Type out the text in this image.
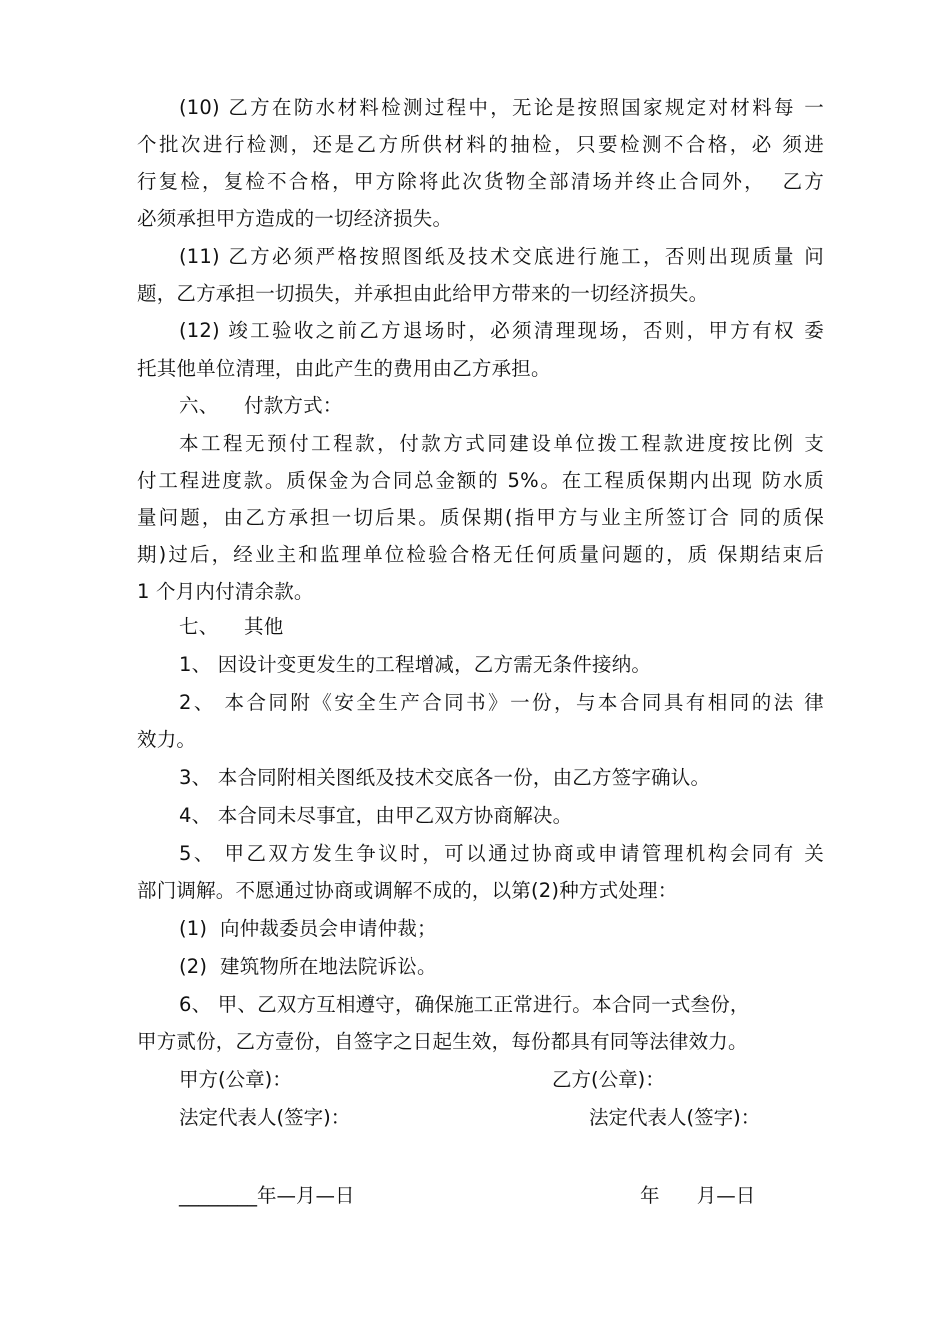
(10) 乙方在防水材料检测过程中，无论是按照国家规定对材料每 一
个批次进行检测，还是乙方所供材料的抽检，只要检测不合格，必 须进
行复检，复检不合格，甲方除将此次货物全部清场并终止合同外，  乙方
必须承担甲方造成的一切经济损失。
(11) 乙方必须严格按照图纸及技术交底进行施工，否则出现质量 问
题，乙方承担一切损失，并承担由此给甲方带来的一切经济损失。
(12) 竣工验收之前乙方退场时，必须清理现场，否则，甲方有权 委
托其他单位清理，由此产生的费用由乙方承担。
六、    付款方式：
本工程无预付工程款，付款方式同建设单位拨工程款进度按比例 支
付工程进度款。质保金为合同总金额的 5%。在工程质保期内出现 防水质
量问题，由乙方承担一切后果。质保期(指甲方与业主所签订合 同的质保
期)过后，经业主和监理单位检验合格无任何质量问题的，质 保期结束后
1 个月内付清余款。
七、    其他
1、 因设计变更发生的工程增减，乙方需无条件接纳。
2、 本合同附《安全生产合同书》一份，与本合同具有相同的法 律
效力。
3、 本合同附相关图纸及技术交底各一份，由乙方签字确认。
4、 本合同未尽事宜，由甲乙双方协商解决。
5、 甲乙双方发生争议时，可以通过协商或申请管理机构会同有 关
部门调解。不愿通过协商或调解不成的，以第(2)种方式处理：
(1)  向仲裁委员会申请仲裁；
(2)  建筑物所在地法院诉讼。
6、 甲、乙双方互相遵守，确保施工正常进行。本合同一式叁份，
甲方贰份，乙方壹份，自签字之日起生效，每份都具有同等法律效力。
甲方(公章)：	乙方(公章)：
法定代表人(签字)：	法定代表人(签字)：
________年—月—日	年      月—日
